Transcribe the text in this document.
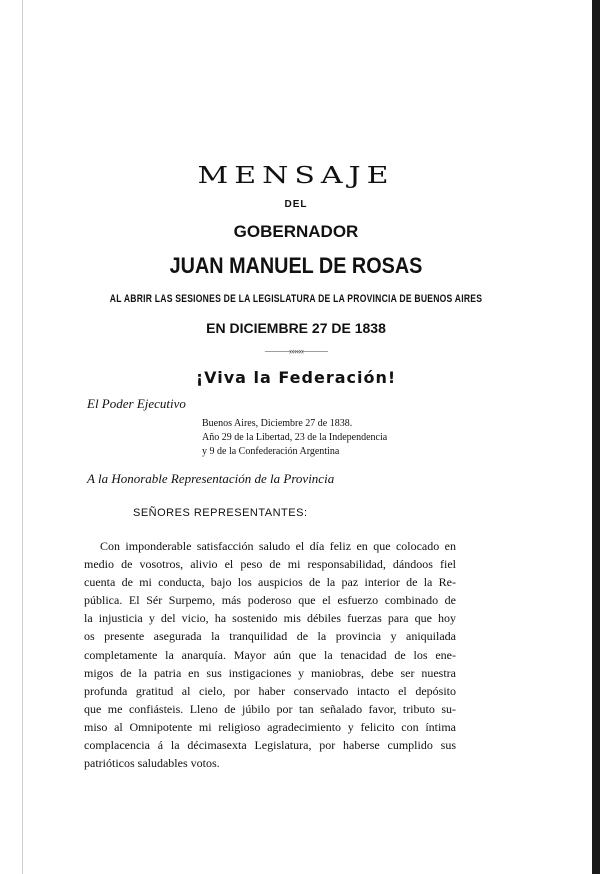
MENSAJE
DEL
GOBERNADOR
JUAN MANUEL DE ROSAS
AL ABRIR LAS SESIONES DE LA LEGISLATURA DE LA PROVINCIA DE BUENOS AIRES
EN DICIEMBRE 27 DE 1838
———»»««———
¡Viva la Federación!
El Poder Ejecutivo
Buenos Aires, Diciembre 27 de 1838.
Año 29 de la Libertad, 23 de la Independencia
y 9 de la Confederación Argentina
A la Honorable Representación de la Provincia
SEÑORES REPRESENTANTES:
Con imponderable satisfacción saludo el día feliz en que colocado en
medio de vosotros, alivio el peso de mi responsabilidad, dándoos fiel
cuenta de mi conducta, bajo los auspicios de la paz interior de la Re-
pública. El Sér Surpemo, más poderoso que el esfuerzo combinado de
la injusticia y del vicio, ha sostenido mis débiles fuerzas para que hoy
os presente asegurada la tranquilidad de la provincia y aniquilada
completamente la anarquía. Mayor aún que la tenacidad de los ene-
migos de la patria en sus instigaciones y maniobras, debe ser nuestra
profunda gratitud al cielo, por haber conservado intacto el depósito
que me confiásteis. Lleno de júbilo por tan señalado favor, tributo su-
miso al Omnipotente mi religioso agradecimiento y felicito con íntima
complacencia á la décimasexta Legislatura, por haberse cumplido sus
patrióticos saludables votos.
